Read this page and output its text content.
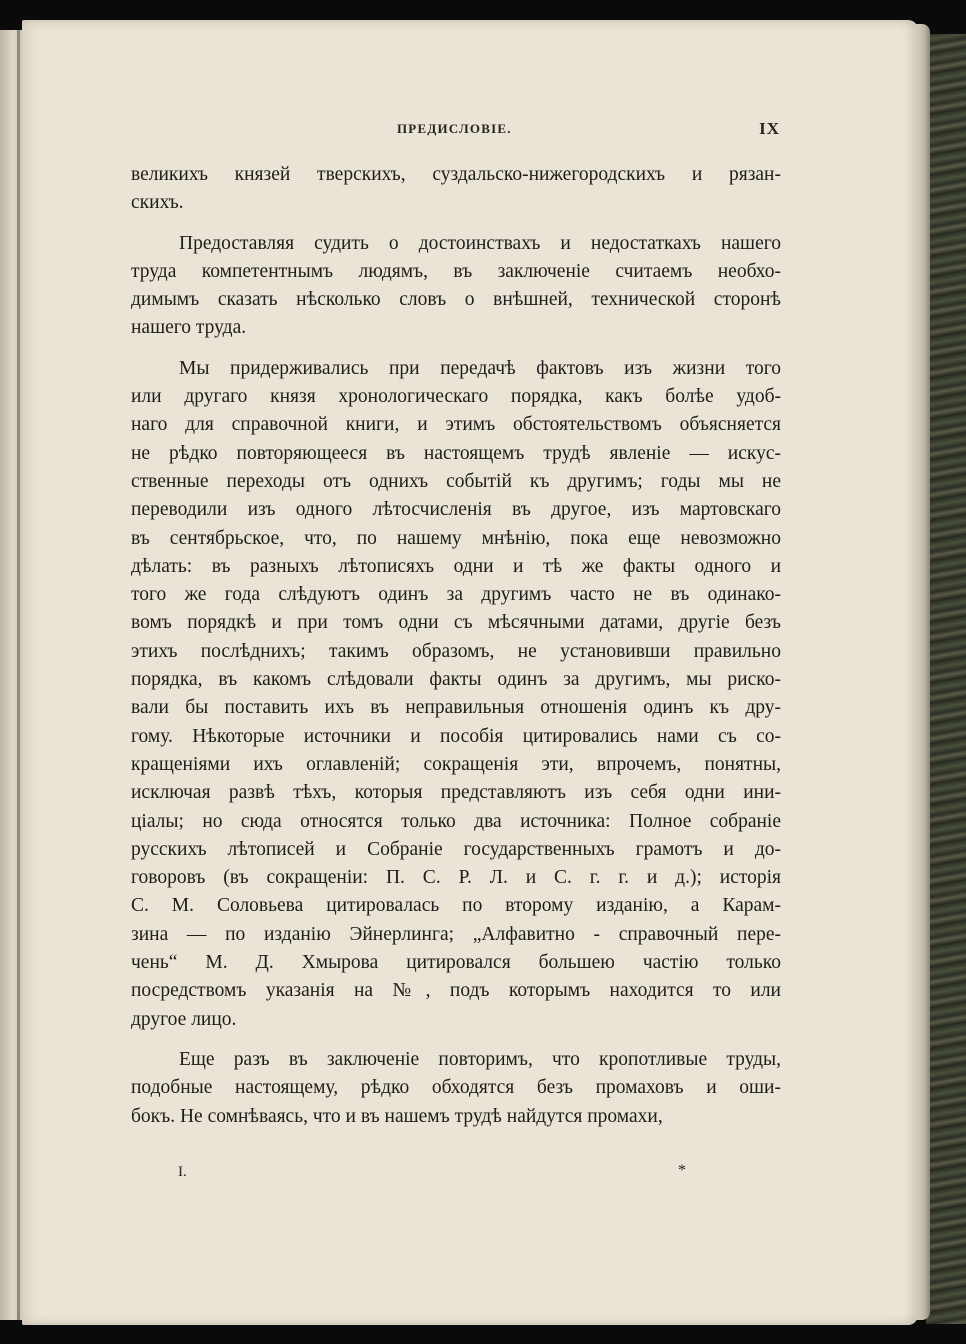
ПРЕДИСЛОВІЕ.	IX
великихъ князей тверскихъ, суздальско-нижегородскихъ и рязан-
скихъ.
Предоставляя судить о достоинствахъ и недостаткахъ нашего
труда компетентнымъ людямъ, въ заключеніе считаемъ необхо-
димымъ сказать нѣсколько словъ о внѣшней, технической сторонѣ
нашего труда.
Мы придерживались при передачѣ фактовъ изъ жизни того
или другаго князя хронологическаго порядка, какъ болѣе удоб-
наго для справочной книги, и этимъ обстоятельствомъ объясняется
не рѣдко повторяющееся въ настоящемъ трудѣ явленіе — искус-
ственные переходы отъ однихъ событій къ другимъ; годы мы не
переводили изъ одного лѣтосчисленія въ другое, изъ мартовскаго
въ сентябрьское, что, по нашему мнѣнію, пока еще невозможно
дѣлать: въ разныхъ лѣтописяхъ одни и тѣ же факты одного и
того же года слѣдуютъ одинъ за другимъ часто не въ одинако-
вомъ порядкѣ и при томъ одни съ мѣсячными датами, другіе безъ
этихъ послѣднихъ; такимъ образомъ, не установивши правильно
порядка, въ какомъ слѣдовали факты одинъ за другимъ, мы риско-
вали бы поставить ихъ въ неправильныя отношенія одинъ къ дру-
гому. Нѣкоторые источники и пособія цитировались нами съ со-
кращеніями ихъ оглавленій; сокращенія эти, впрочемъ, понятны,
исключая развѣ тѣхъ, которыя представляютъ изъ себя одни ини-
ціалы; но сюда относятся только два источника: Полное собраніе
русскихъ лѣтописей и Собраніе государственныхъ грамотъ и до-
говоровъ (въ сокращеніи: П. С. Р. Л. и С. г. г. и д.); исторія
С. М. Соловьева цитировалась по второму изданію, а Карам-
зина — по изданію Эйнерлинга; „Алфавитно - справочный пере-
чень“ М. Д. Хмырова цитировался большею частію только
посредствомъ указанія на №, подъ которымъ находится то или
другое лицо.
Еще разъ въ заключеніе повторимъ, что кропотливые труды,
подобные настоящему, рѣдко обходятся безъ промаховъ и оши-
бокъ. Не сомнѣваясь, что и въ нашемъ трудѣ найдутся промахи,
I.	*
